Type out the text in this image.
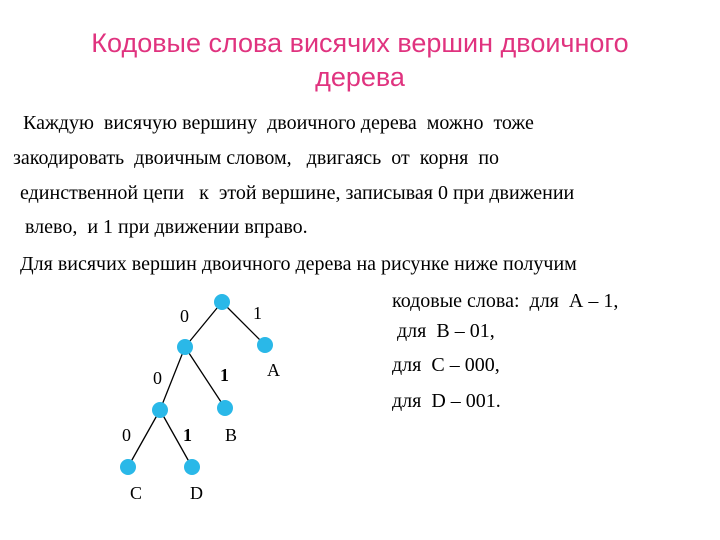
Кодовые слова висячих вершин двоичного
дерева
Каждую  висячую вершину  двоичного дерева  можно  тоже
закодировать  двоичным словом,   двигаясь  от  корня  по
единственной цепи   к  этой вершине, записывая 0 при движении
влево,  и 1 при движении вправо.
Для висячих вершин двоичного дерева на рисунке ниже получим
кодовые слова:  для  А – 1,
для  В – 01,
для  С – 000,
для  D – 001.
0	1
0	1
0	1
A
B
C	D
